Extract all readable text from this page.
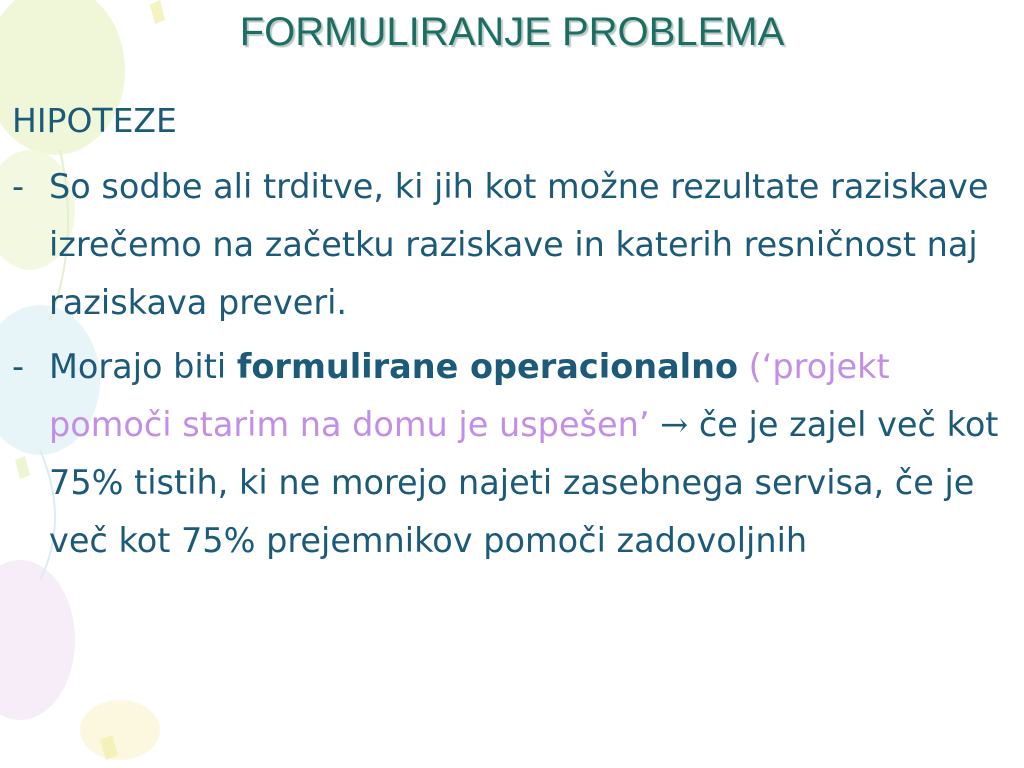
FORMULIRANJE PROBLEMA

HIPOTEZE

- So sodbe ali trditve, ki jih kot možne rezultate raziskave izrečemo na začetku raziskave in katerih resničnost naj raziskava preveri.

- Morajo biti formulirane operacionalno (‘projekt pomoči starim na domu je uspešen’ → če je zajel več kot 75% tistih, ki ne morejo najeti zasebnega servisa, če je več kot 75% prejemnikov pomoči zadovoljnih
